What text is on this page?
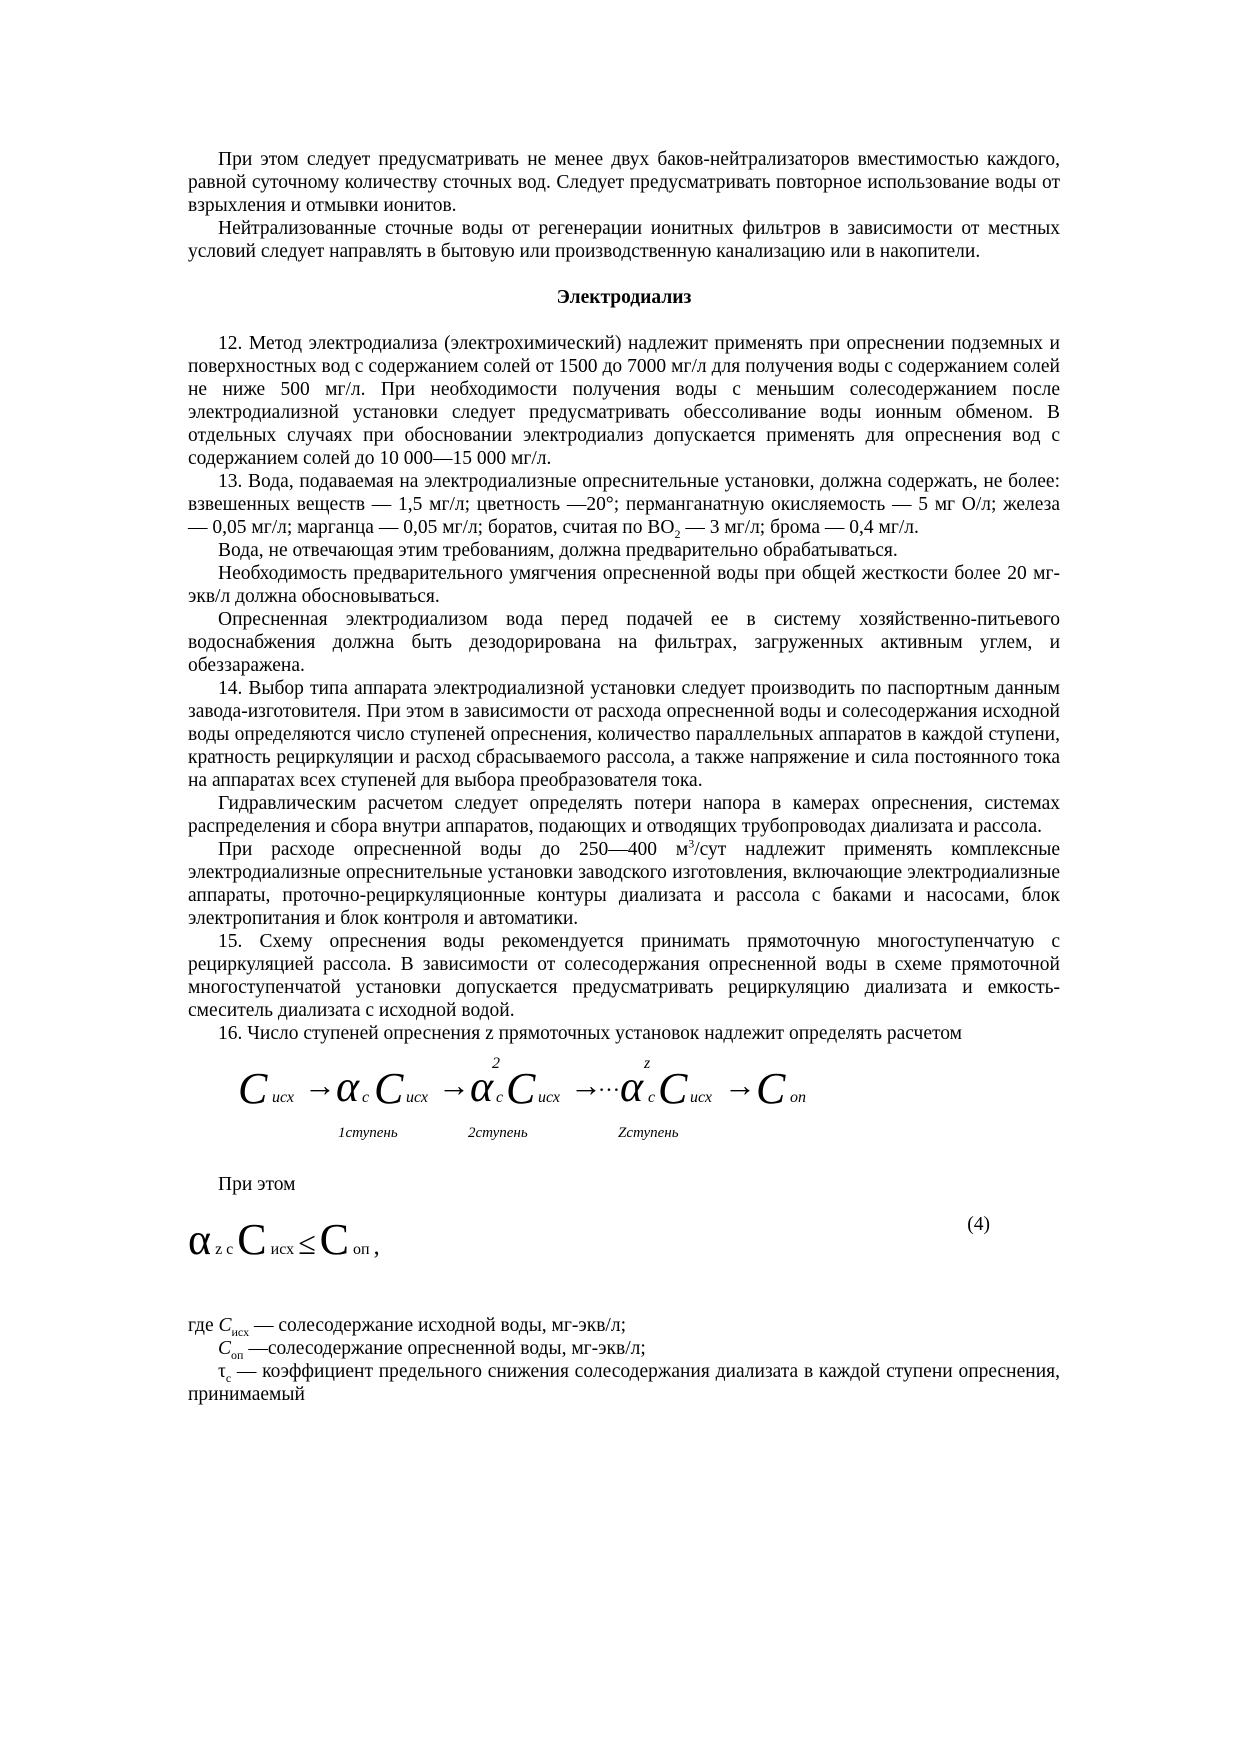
При этом следует предусматривать не менее двух баков-нейтрализаторов вместимостью каждого, равной суточному количеству сточных вод. Следует предусматривать повторное использование воды от взрыхления и отмывки ионитов.

Нейтрализованные сточные воды от регенерации ионитных фильтров в зависимости от местных условий следует направлять в бытовую или производственную канализацию или в накопители.

Электродиализ

12. Метод электродиализа (электрохимический) надлежит применять при опреснении подземных и поверхностных вод с содержанием солей от 1500 до 7000 мг/л для получения воды с содержанием солей не ниже 500 мг/л. При необходимости получения воды с меньшим солесодержанием после электродиализной установки следует предусматривать обессоливание воды ионным обменом. В отдельных случаях при обосновании электродиализ допускается применять для опреснения вод с содержанием солей до 10 000—15 000 мг/л.

13. Вода, подаваемая на электродиализные опреснительные установки, должна содержать, не более: взвешенных веществ — 1,5 мг/л; цветность —20°; перманганатную окисляемость — 5 мг О/л; железа — 0,05 мг/л; марганца — 0,05 мг/л; боратов, считая по $ВО_2$ — 3 мг/л; брома — 0,4 мг/л.

Вода, не отвечающая этим требованиям, должна предварительно обрабатываться.

Необходимость предварительного умягчения опресненной воды при общей жесткости более 20 мг-экв/л должна обосновываться.

Опресненная электродиализом вода перед подачей ее в систему хозяйственно-питьевого водоснабжения должна быть дезодорирована на фильтрах, загруженных активным углем, и обеззаражена.

14. Выбор типа аппарата электродиализной установки следует производить по паспортным данным завода-изготовителя. При этом в зависимости от расхода опресненной воды и солесодержания исходной воды определяются число ступеней опреснения, количество параллельных аппаратов в каждой ступени, кратность рециркуляции и расход сбрасываемого рассола, а также напряжение и сила постоянного тока на аппаратах всех ступеней для выбора преобразователя тока.

Гидравлическим расчетом следует определять потери напора в камерах опреснения, системах распределения и сбора внутри аппаратов, подающих и отводящих трубопроводах диализата и рассола.

При расходе опресненной воды до 250—400 $м^3$/сут надлежит применять комплексные электродиализные опреснительные установки заводского изготовления, включающие электродиализные аппараты, проточно-рециркуляционные контуры диализата и рассола с баками и насосами, блок электропитания и блок контроля и автоматики.

15. Схему опреснения воды рекомендуется принимать прямоточную многоступенчатую с рециркуляцией рассола. В зависимости от солесодержания опресненной воды в схеме прямоточной многоступенчатой установки допускается предусматривать рециркуляцию диализата и емкость-смеситель диализата с исходной водой.

16. Число ступеней опреснения z прямоточных установок надлежит определять расчетом

C исх → α c C исх
1ступень
→ α
2
c C исх
2ступень
→
… α z
c C исх
Zступень
→ C оп

При этом

(4)
α z c C исх ≤ C оп ,

где $C_{исх}$ — солесодержание исходной воды, мг-экв/л;

$C_{оп}$ —солесодержание опресненной воды, мг-экв/л;

$\tau_с$ — коэффициент предельного снижения солесодержания диализата в каждой ступени опреснения, принимаемый
